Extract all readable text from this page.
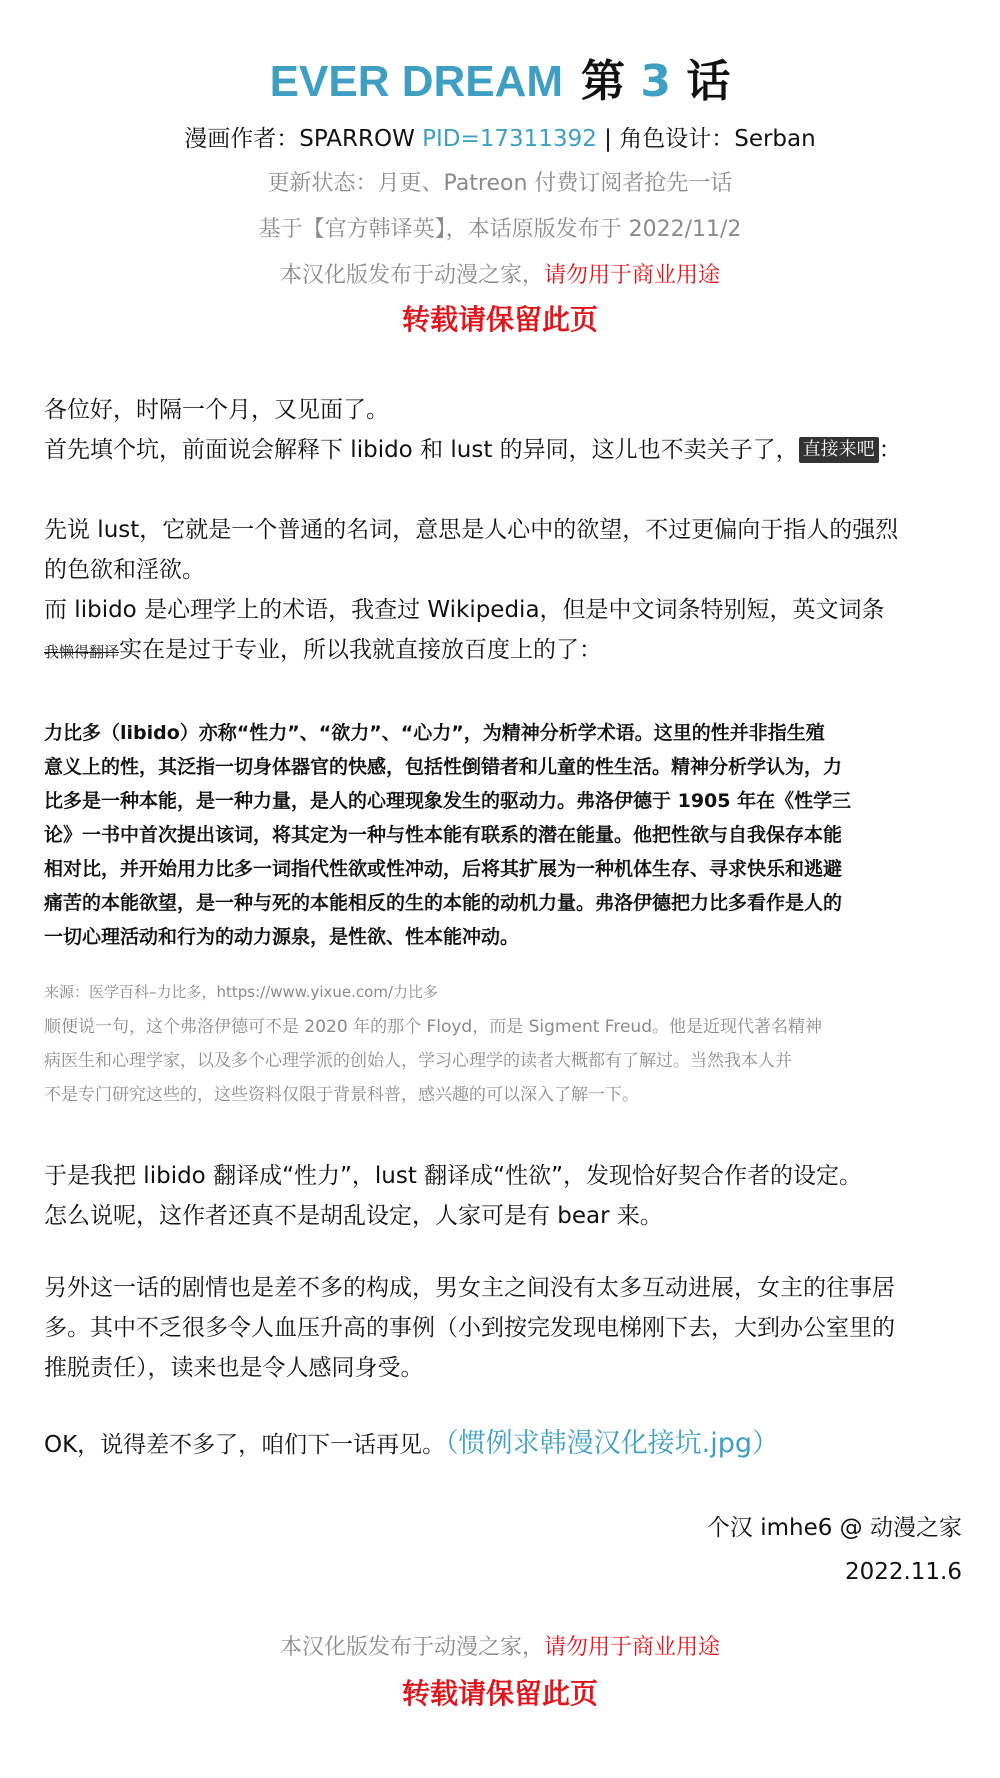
EVER DREAM 第 3 话
漫画作者：SPARROW PID=17311392 | 角色设计：Serban
更新状态：月更、Patreon 付费订阅者抢先一话
基于【官方韩译英】，本话原版发布于 2022/11/2
本汉化版发布于动漫之家，请勿用于商业用途
转载请保留此页

各位好，时隔一个月，又见面了。

首先填个坑，前面说会解释下 libido 和 lust 的异同，这儿也不卖关子了， 直接来吧 ：

先说 lust，它就是一个普通的名词，意思是人心中的欲望，不过更偏向于指人的强烈

的色欲和淫欲。

而 libido 是心理学上的术语，我查过 Wikipedia，但是中文词条特别短，英文词条

我懒得翻译实在是过于专业，所以我就直接放百度上的了：

力比多（libido）亦称“性力”、“欲力”、“心力”，为精神分析学术语。这里的性并非指生殖

意义上的性，其泛指一切身体器官的快感，包括性倒错者和儿童的性生活。精神分析学认为，力

比多是一种本能，是一种力量，是人的心理现象发生的驱动力。弗洛伊德于 1905 年在《性学三

论》一书中首次提出该词，将其定为一种与性本能有联系的潜在能量。他把性欲与自我保存本能

相对比，并开始用力比多一词指代性欲或性冲动，后将其扩展为一种机体生存、寻求快乐和逃避

痛苦的本能欲望，是一种与死的本能相反的生的本能的动机力量。弗洛伊德把力比多看作是人的

一切心理活动和行为的动力源泉，是性欲、性本能冲动。

来源：医学百科–力比多，https://www.yixue.com/力比多

顺便说一句，这个弗洛伊德可不是 2020 年的那个 Floyd，而是 Sigment Freud。他是近现代著名精神

病医生和心理学家，以及多个心理学派的创始人，学习心理学的读者大概都有了解过。当然我本人并

不是专门研究这些的，这些资料仅限于背景科普，感兴趣的可以深入了解一下。

于是我把 libido 翻译成“性力”，lust 翻译成“性欲”，发现恰好契合作者的设定。

怎么说呢，这作者还真不是胡乱设定，人家可是有 bear 来。

另外这一话的剧情也是差不多的构成，男女主之间没有太多互动进展，女主的往事居

多。其中不乏很多令人血压升高的事例（小到按完发现电梯刚下去，大到办公室里的

推脱责任），读来也是令人感同身受。

OK，说得差不多了，咱们下一话再见。（惯例求韩漫汉化接坑.jpg）

个汉 imhe6 @ 动漫之家
2022.11.6
本汉化版发布于动漫之家，请勿用于商业用途
转载请保留此页
